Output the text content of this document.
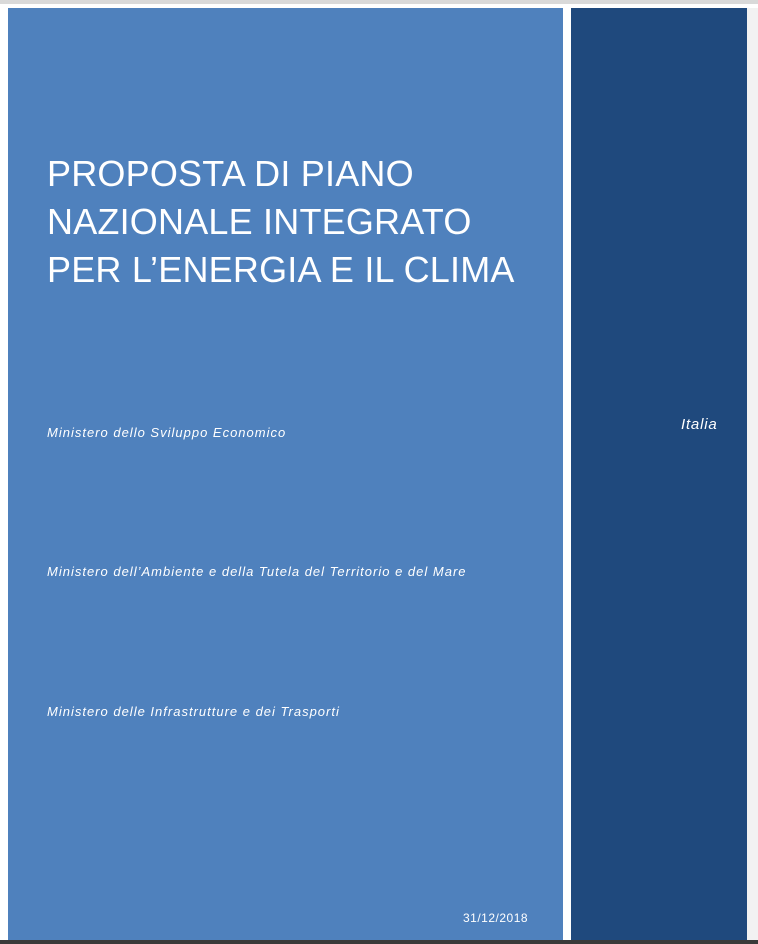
PROPOSTA DI PIANO
NAZIONALE INTEGRATO
PER L’ENERGIA E IL CLIMA
Ministero dello Sviluppo Economico
Ministero dell’Ambiente e della Tutela del Territorio e del Mare
Ministero delle Infrastrutture e dei Trasporti
Italia
31/12/2018
